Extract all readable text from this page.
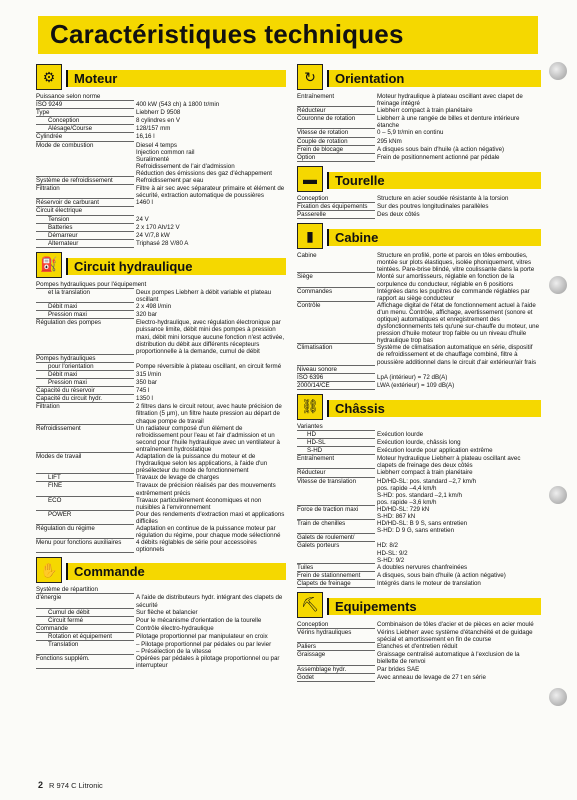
Caractéristiques techniques
⚙	Moteur
Puissance selon norme
ISO 9249	400 kW (543 ch) à 1800 tr/min
Type	Liebherr D 9508
Conception	8 cylindres en V
Alésage/Course	128/157 mm
Cylindrée	16,16 l
Mode de combustion	Diesel 4 temps
Injection common rail
Suralimenté
Refroidissement de l'air d'admission
Réduction des émissions des gaz d'échappement
Système de refroidissement	Refroidissement par eau
Filtration	Filtre à air sec avec séparateur primaire et élément de sécurité, extraction automatique de poussières
Réservoir de carburant	1460 l
Circuit électrique
Tension	24 V
Batteries	2 x 170 Ah/12 V
Démarreur	24 V/7,8 kW
Alternateur	Triphasé 28 V/80 A
⛽	Circuit hydraulique
Pompes hydrauliques pour l'équipement
et la translation	Deux pompes Liebherr à débit variable et plateau oscillant
Débit maxi	2 x 498 l/min
Pression maxi	320 bar
Régulation des pompes	Electro-hydraulique, avec régulation électronique par puissance limite, débit mini des pompes à pression maxi, débit mini lorsque aucune fonction n'est activée, distribution du débit aux différents récepteurs proportionnelle à la demande, cumul de débit
Pompes hydrauliques
pour l'orientation	Pompe réversible à plateau oscillant, en circuit fermé
Débit maxi	315 l/min
Pression maxi	350 bar
Capacité du réservoir	745 l
Capacité du circuit hydr.	1350 l
Filtration	2 filtres dans le circuit retour, avec haute précision de filtration (5 µm), un filtre haute pression au départ de chaque pompe de travail
Refroidissement	Un radiateur composé d'un élément de refroidissement pour l'eau et l'air d'admission et un second pour l'huile hydraulique avec un ventilateur à entraînement hydrostatique
Modes de travail	Adaptation de la puissance du moteur et de l'hydraulique selon les applications, à l'aide d'un présélecteur du mode de fonctionnement
LIFT	Travaux de levage de charges
FINE	Travaux de précision réalisés par des mouvements extrêmement précis
ECO	Travaux particulièrement économiques et non nuisibles à l'environnement
POWER	Pour des rendements d'extraction maxi et applications difficiles
Régulation du régime	Adaptation en continue de la puissance moteur par régulation du régime, pour chaque mode sélectionné
Menu pour fonctions auxiliaires	4 débits réglables de série pour accessoires optionnels
✋	Commande
Système de répartition
d'énergie	A l'aide de distributeurs hydr. intégrant des clapets de sécurité
Cumul de débit	Sur flèche et balancier
Circuit fermé	Pour le mécanisme d'orientation de la tourelle
Commande	Contrôle électro-hydraulique
Rotation et équipement	Pilotage proportionnel par manipulateur en croix
Translation	– Pilotage proportionnel par pédales ou par levier
– Présélection de la vitesse
Fonctions supplém.	Opérées par pédales à pilotage proportionnel ou par interrupteur
↻	Orientation
Entraînement	Moteur hydraulique à plateau oscillant avec clapet de freinage intégré
Réducteur	Liebherr compact à train planétaire
Couronne de rotation	Liebherr à une rangée de billes et denture intérieure étanche
Vitesse de rotation	0 – 5,9 tr/min en continu
Couple de rotation	295 kNm
Frein de blocage	A disques sous bain d'huile (à action négative)
Option	Frein de positionnement actionné par pédale
▬	Tourelle
Conception	Structure en acier soudée résistante à la torsion
Fixation des équipements	Sur des poutres longitudinales parallèles
Passerelle	Des deux côtés
▮	Cabine
Cabine	Structure en profilé, porte et parois en tôles embouties, montée sur plots élastiques, isolée phoniquement, vitres teintées. Pare-brise blindé, vitre coulissante dans la porte
Siège	Monté sur amortisseurs, réglable en fonction de la corpulence du conducteur, réglable en 6 positions
Commandes	Intégrées dans les pupitres de commande réglables par rapport au siège conducteur
Contrôle	Affichage digital de l'état de fonctionnement actuel à l'aide d'un menu. Contrôle, affichage, avertissement (sonore et optique) automatiques et enregistrement des dysfonctionnements tels qu'une sur-chauffe du moteur, une pression d'huile moteur trop faible ou un niveau d'huile hydraulique trop bas
Climatisation	Système de climatisation automatique en série, dispositif de refroidissement et de chauffage combiné, filtre à poussière additionnel dans le circuit d'air extérieur/air frais
Niveau sonore
ISO 6396	LpA (intérieur) = 72 dB(A)
2000/14/CE	LWA (extérieur) = 109 dB(A)
⛓	Châssis
Variantes
HD	Exécution lourde
HD-SL	Exécution lourde, châssis long
S-HD	Exécution lourde pour application extrême
Entraînement	Moteur hydraulique Liebherr à plateau oscillant avec clapets de freinage des deux côtés
Réducteur	Liebherr compact à train planétaire
Vitesse de translation	HD/HD-SL: pos. standard –2,7 km/h
pos. rapide –4,4 km/h
S-HD: pos. standard –2,1 km/h
pos. rapide –3,6 km/h
Force de traction maxi	HD/HD-SL: 729 kN
S-HD: 867 kN
Train de chenilles	HD/HD-SL: B 9 S, sans entretien
S-HD: D 9 G, sans entretien
Galets de roulement/
Galets porteurs	HD: 8/2
HD-SL: 9/2
S-HD: 9/2
Tuiles	A doubles nervures chanfreinées
Frein de stationnement	A disques, sous bain d'huile (à action négative)
Clapets de freinage	Intégrés dans le moteur de translation
⛏	Equipements
Conception	Combinaison de tôles d'acier et de pièces en acier moulé
Vérins hydrauliques	Vérins Liebherr avec système d'étanchéité et de guidage spécial et amortissement en fin de course
Paliers	Etanches et d'entretien réduit
Graissage	Graissage centralisé automatique à l'exclusion de la biellette de renvoi
Assemblage hydr.	Par brides SAE
Godet	Avec anneau de levage de 27 t en série
2 R 974 C Litronic
